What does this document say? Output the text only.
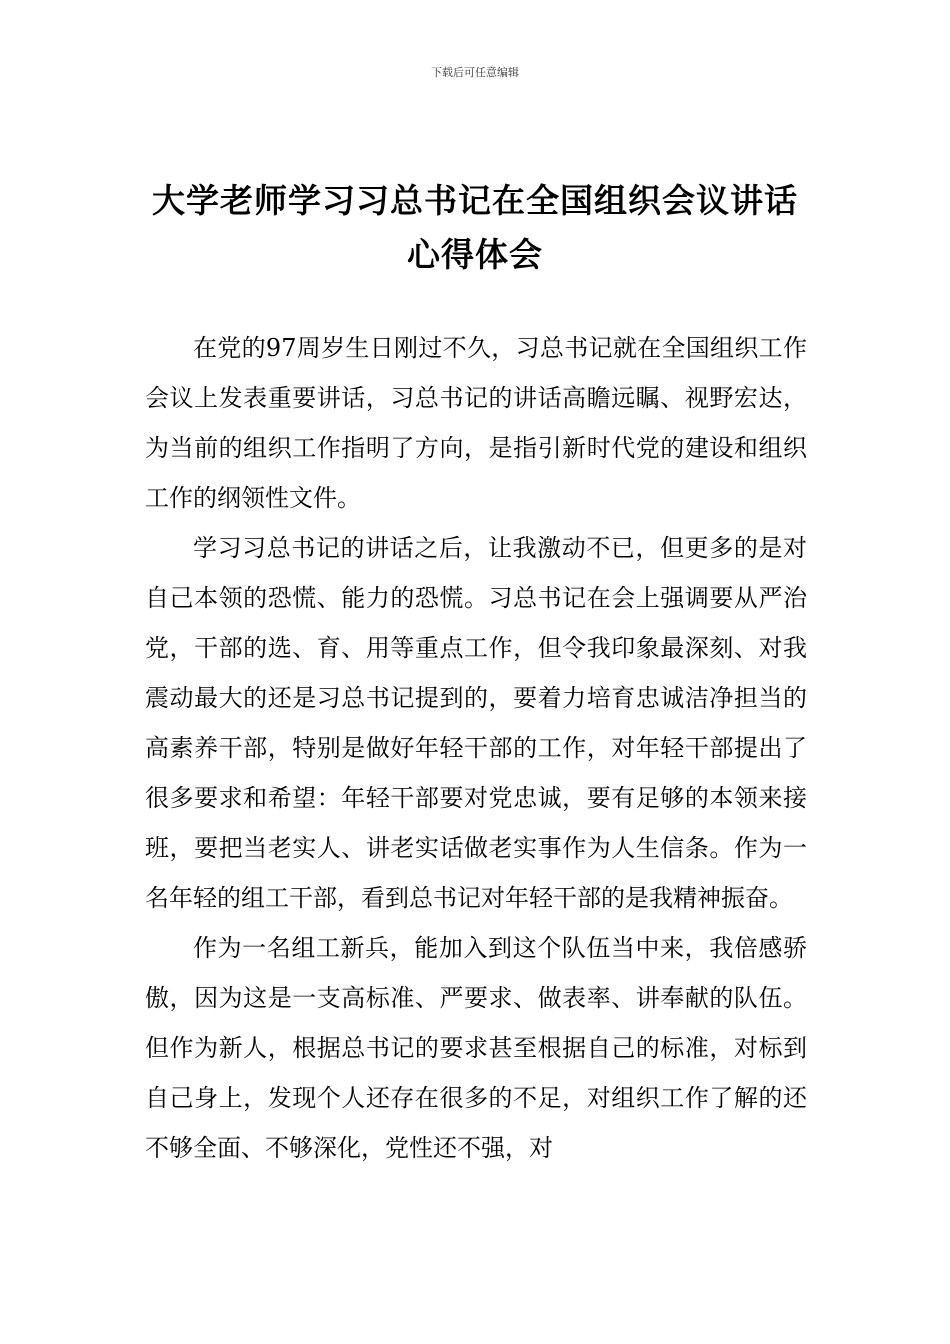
下载后可任意编辑
大学老师学习习总书记在全国组织会议讲话心得体会

在党的97周岁生日刚过不久，习总书记就在全国组织工作会议上发表重要讲话，习总书记的讲话高瞻远瞩、视野宏达，为当前的组织工作指明了方向，是指引新时代党的建设和组织工作的纲领性文件。

学习习总书记的讲话之后，让我激动不已，但更多的是对自己本领的恐慌、能力的恐慌。习总书记在会上强调要从严治党，干部的选、育、用等重点工作，但令我印象最深刻、对我震动最大的还是习总书记提到的，要着力培育忠诚洁净担当的高素养干部，特别是做好年轻干部的工作，对年轻干部提出了很多要求和希望：年轻干部要对党忠诚，要有足够的本领来接班，要把当老实人、讲老实话做老实事作为人生信条。作为一名年轻的组工干部，看到总书记对年轻干部的是我精神振奋。

作为一名组工新兵，能加入到这个队伍当中来，我倍感骄傲，因为这是一支高标准、严要求、做表率、讲奉献的队伍。但作为新人，根据总书记的要求甚至根据自己的标准，对标到自己身上，发现个人还存在很多的不足，对组织工作了解的还不够全面、不够深化，党性还不强，对
